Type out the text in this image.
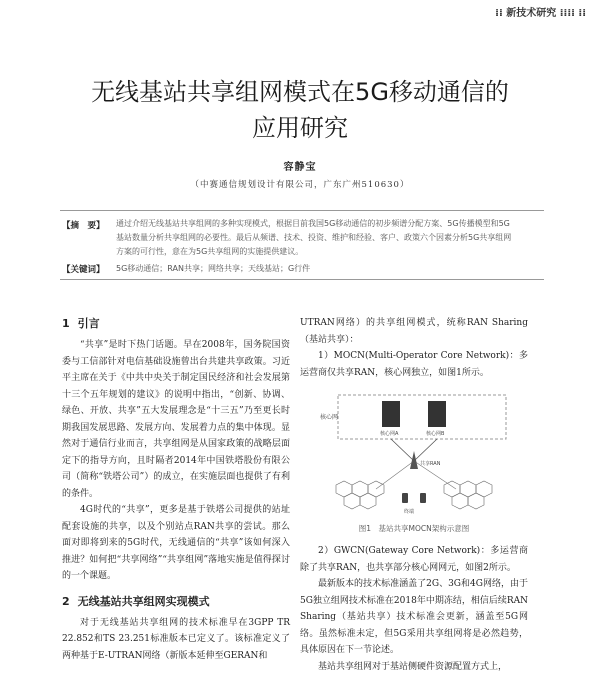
⁞⁞ 新技术研究 ⁞⁞⁞⁞ ⁞⁞
无线基站共享组网模式在5G移动通信的
应用研究
容静宝
（中赛通信规划设计有限公司，广东广州510630）
【摘　要】 通过介绍无线基站共享组网的多种实现模式，根据目前我国5G移动通信的初步频谱分配方案、5G传播模型和5G
基站数量分析共享组网的必要性。最后从频谱、技术、投资、维护和经验、客户、政策六个因素分析5G共享组网
方案的可行性，意在为5G共享组网的实施提供建议。
【关键词】 5G移动通信；RAN共享；网络共享；天线基站；G行件
1 引言

“共享”是时下热门话题。早在2008年，国务院国资委与工信部针对电信基础设施曾出台共建共享政策。习近平主席在关于《中共中央关于制定国民经济和社会发展第十三个五年规划的建议》的说明中指出，“创新、协调、绿色、开放、共享”五大发展理念是“十三五”乃至更长时期我国发展思路、发展方向、发展着力点的集中体现。显然对于通信行业而言，共享组网是从国家政策的战略层面定下的指导方向，且时隔者2014年中国铁塔股份有限公司（简称“铁塔公司”）的成立，在实施层面也提供了有利的条件。

4G时代的“共享”，更多是基于铁塔公司提供的站址配套设施的共享，以及个别站点RAN共享的尝试。那么面对即将到来的5G时代，无线通信的“共享”该如何深入推进？如何把“共享网络”“共享组网”落地实施是值得探讨的一个课题。

2 无线基站共享组网实现模式

对于无线基站共享组网的技术标准早在3GPP TR 22.852和TS 23.251标准版本已定义了。该标准定义了两种基于E-UTRAN网络（新版本延伸至GERAN和

UTRAN网络）的共享组网模式，统称RAN Sharing（基站共享）：

1）MOCN(Multi-Operator Core Network)：多运营商仅共享RAN，核心网独立，如图1所示。

核心网
核心网A	核心网B
共享RAN
终端
图1　基站共享MOCN架构示意图

2）GWCN(Gateway Core Network)：多运营商除了共享RAN，也共享部分核心网网元，如图2所示。

最新版本的技术标准涵盖了2G、3G和4G网络，由于5G独立组网技术标准在2018年中期冻结，相信后续RAN Sharing（基站共享）技术标准会更新，涵盖至5G网络。虽然标准未定，但5G采用共享组网将是必然趋势，具体原因在下一节论述。

基站共享组网对于基站侧硬件资源配置方式上，
